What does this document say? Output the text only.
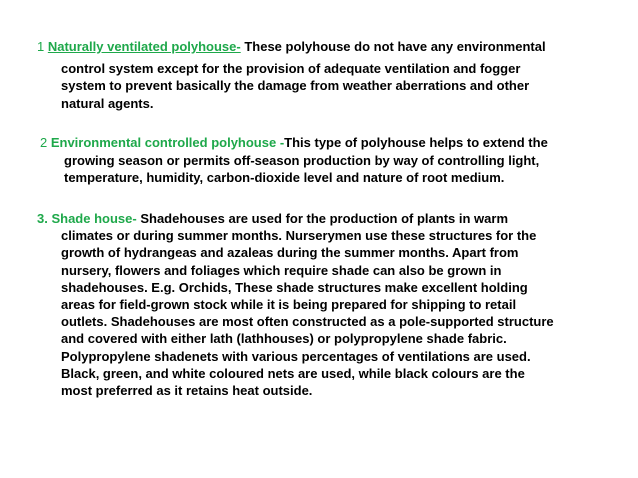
1 Naturally ventilated polyhouse- These polyhouse do not have any environmental
control system except for the provision of adequate ventilation and fogger
system to prevent basically the damage from weather aberrations and other
natural agents.
2 Environmental controlled polyhouse -This type of polyhouse helps to extend the
growing season or permits off-season production by way of controlling light,
temperature, humidity, carbon-dioxide level and nature of root medium.
3. Shade house- Shadehouses are used for the production of plants in warm
climates or during summer months. Nurserymen use these structures for the
growth of hydrangeas and azaleas during the summer months. Apart from
nursery, flowers and foliages which require shade can also be grown in
shadehouses. E.g. Orchids, These shade structures make excellent holding
areas for field-grown stock while it is being prepared for shipping to retail
outlets. Shadehouses are most often constructed as a pole-supported structure
and covered with either lath (lathhouses) or polypropylene shade fabric.
Polypropylene shadenets with various percentages of ventilations are used.
Black, green, and white coloured nets are used, while black colours are the
most preferred as it retains heat outside.
